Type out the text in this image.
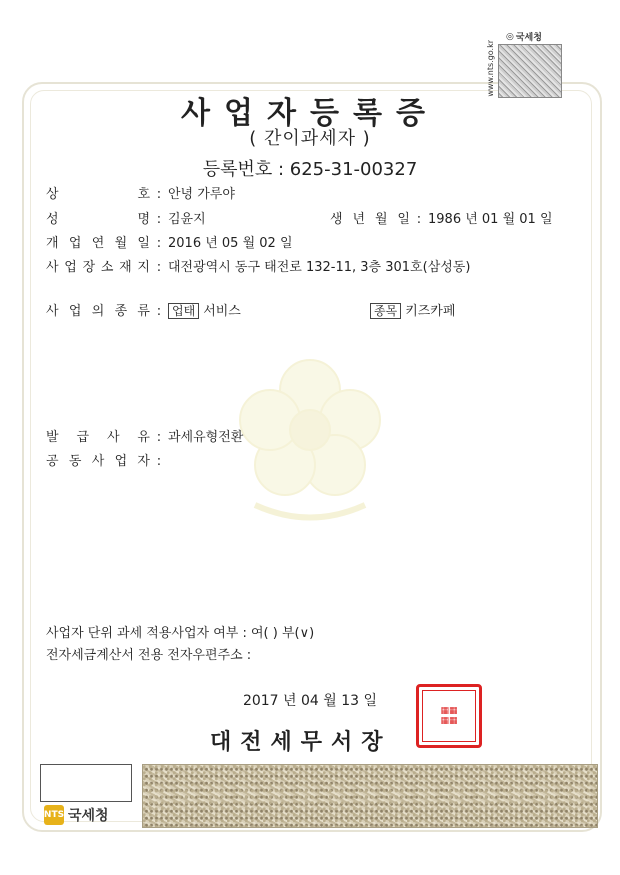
◎ 국세청
www.nts.go.kr
사업자등록증
( 간이과세자 )
등록번호 : 625-31-00327
상 호 : 안녕 가루야
성 명 : 김윤지	생 년 월 일 : 1986 년 01 월 01 일
개 업 연 월 일 : 2016 년 05 월 02 일
사 업 장 소 재 지 : 대전광역시 동구 태전로 132-11, 3층 301호(삼성동)
사 업 의 종 류 : 업태 서비스	종목 키즈카페
발 급 사 유 : 과세유형전환
공 동 사 업 자 :
사업자 단위 과세 적용사업자 여부 : 여( ) 부(∨)
전자세금계산서 전용 전자우편주소 :
2017 년 04 월 13 일
대전세무서장
▦▦
▦▦
NTS 국세청
